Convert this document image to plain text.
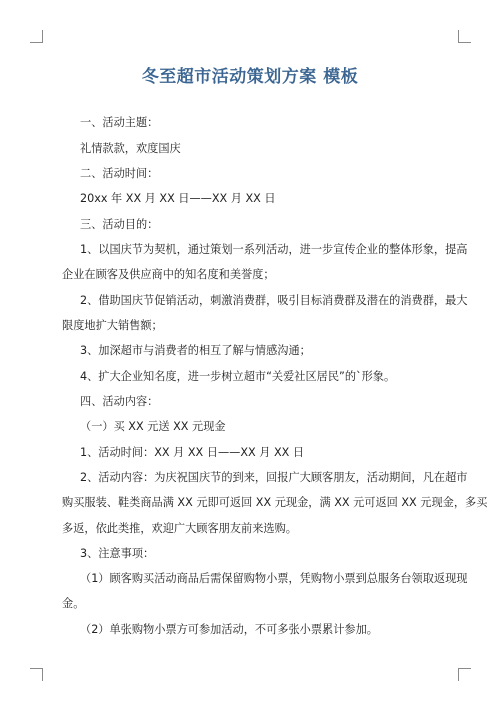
冬至超市活动策划方案 模板
一、活动主题：
礼情款款，欢度国庆
二、活动时间：
20xx 年 XX 月 XX 日——XX 月 XX 日
三、活动目的：
1、以国庆节为契机，通过策划一系列活动，进一步宣传企业的整体形象，提高
企业在顾客及供应商中的知名度和美誉度；
2、借助国庆节促销活动，刺激消费群，吸引目标消费群及潜在的消费群，最大
限度地扩大销售额；
3、加深超市与消费者的相互了解与情感沟通；
4、扩大企业知名度，进一步树立超市“关爱社区居民”的`形象。
四、活动内容：
（一）买 XX 元送 XX 元现金
1、活动时间：XX 月 XX 日——XX 月 XX 日
2、活动内容：为庆祝国庆节的到来，回报广大顾客朋友，活动期间，凡在超市
购买服装、鞋类商品满 XX 元即可返回 XX 元现金，满 XX 元可返回 XX 元现金，多买
多返，依此类推，欢迎广大顾客朋友前来选购。
3、注意事项：
（1）顾客购买活动商品后需保留购物小票，凭购物小票到总服务台领取返现现
金。
（2）单张购物小票方可参加活动，不可多张小票累计参加。
